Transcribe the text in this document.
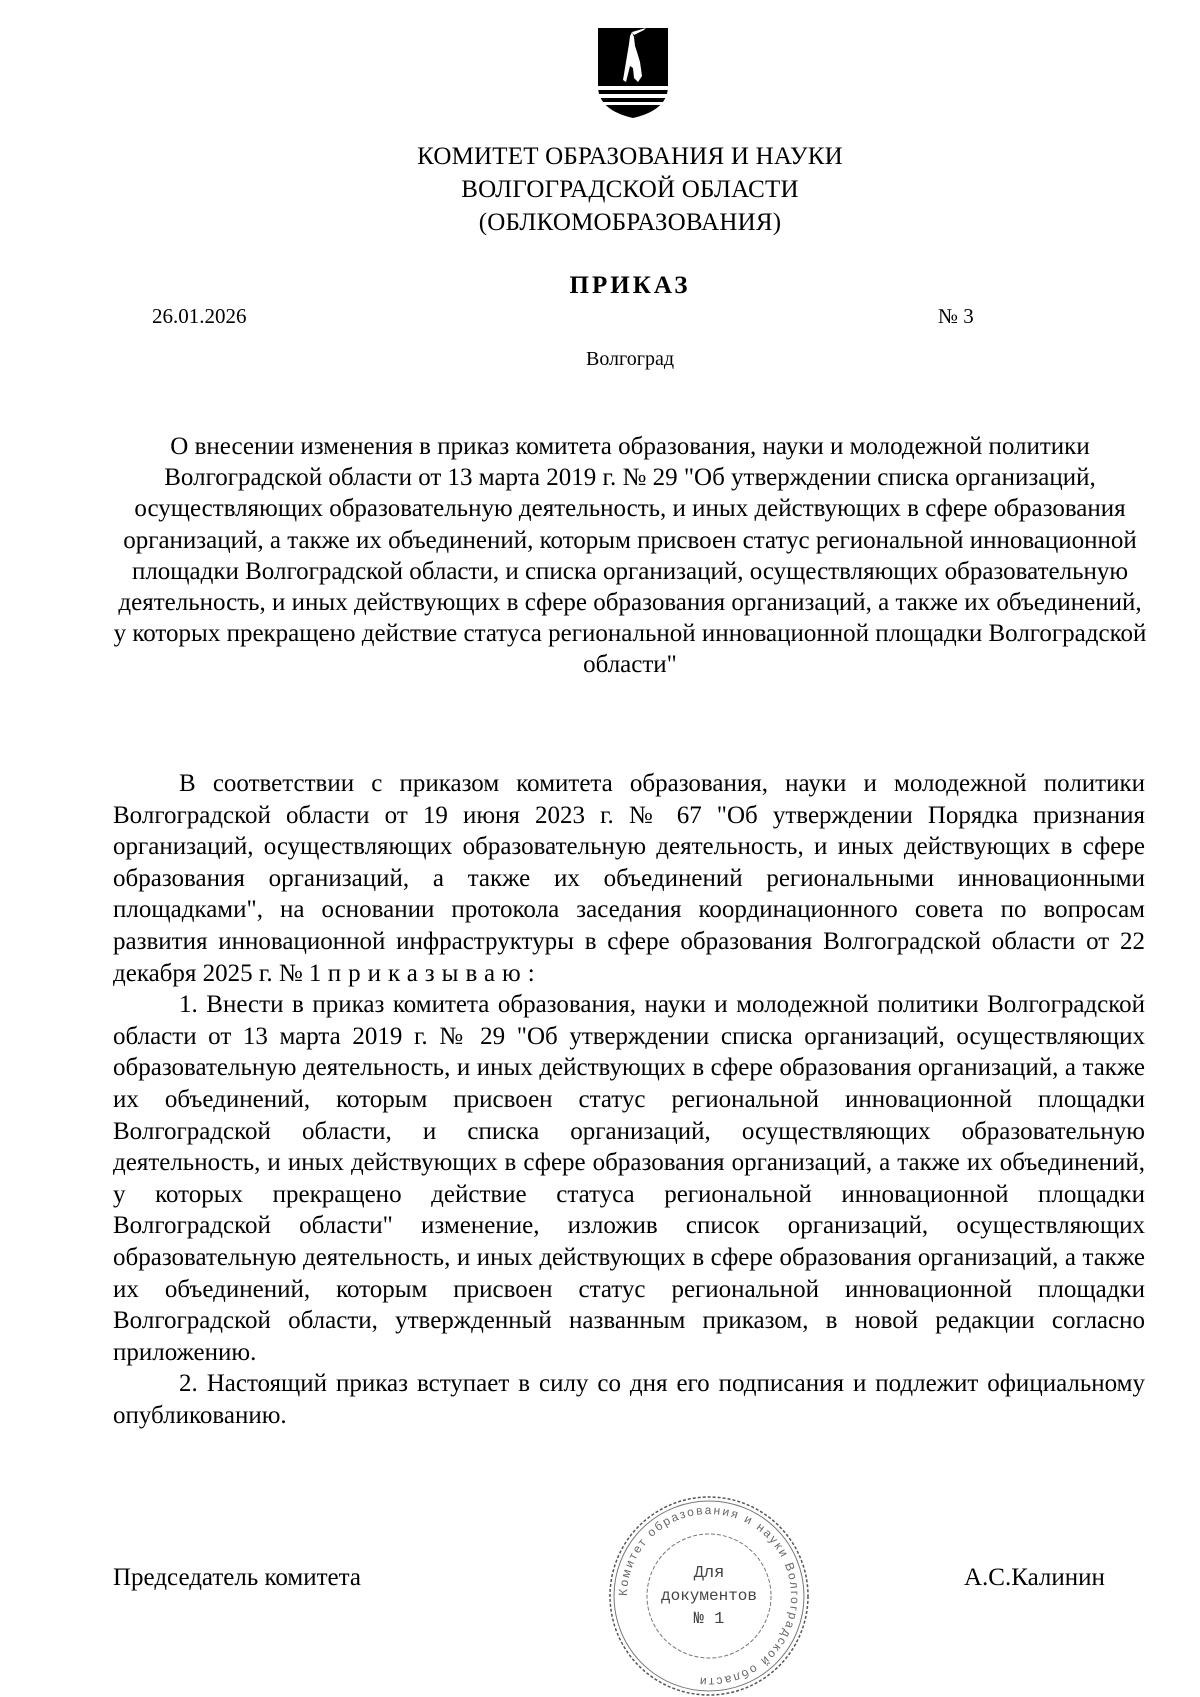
КОМИТЕТ ОБРАЗОВАНИЯ И НАУКИ
ВОЛГОГРАДСКОЙ ОБЛАСТИ
(ОБЛКОМОБРАЗОВАНИЯ)
ПРИКАЗ
26.01.2026	№ 3
Волгоград
О внесении изменения в приказ комитета образования, науки и молодежной политики Волгоградской области от 13 марта 2019 г. № 29 "Об утверждении списка организаций, осуществляющих образовательную деятельность, и иных действующих в сфере образования организаций, а также их объединений, которым присвоен статус региональной инновационной площадки Волгоградской области, и списка организаций, осуществляющих образовательную деятельность, и иных действующих в сфере образования организаций, а также их объединений, у которых прекращено действие статуса региональной инновационной площадки Волгоградской области"

В соответствии с приказом комитета образования, науки и молодежной политики Волгоградской области от 19 июня 2023 г. № 67 "Об утверждении Порядка признания организаций, осуществляющих образовательную деятельность, и иных действующих в сфере образования организаций, а также их объединений региональными инновационными площадками", на основании протокола заседания координационного совета по вопросам развития инновационной инфраструктуры в сфере образования Волгоградской области от 22 декабря 2025 г. № 1 приказываю:

1. Внести в приказ комитета образования, науки и молодежной политики Волгоградской области от 13 марта 2019 г. № 29 "Об утверждении списка организаций, осуществляющих образовательную деятельность, и иных действующих в сфере образования организаций, а также их объединений, которым присвоен статус региональной инновационной площадки Волгоградской области, и списка организаций, осуществляющих образовательную деятельность, и иных действующих в сфере образования организаций, а также их объединений, у которых прекращено действие статуса региональной инновационной площадки Волгоградской области" изменение, изложив список организаций, осуществляющих образовательную деятельность, и иных действующих в сфере образования организаций, а также их объединений, которым присвоен статус региональной инновационной площадки Волгоградской области, утвержденный названным приказом, в новой редакции согласно приложению.

2. Настоящий приказ вступает в силу со дня его подписания и подлежит официальному опубликованию.

Председатель комитета	А.С.Калинин
Комитет образования и науки Волгоградской области
Для
документов
№ 1
